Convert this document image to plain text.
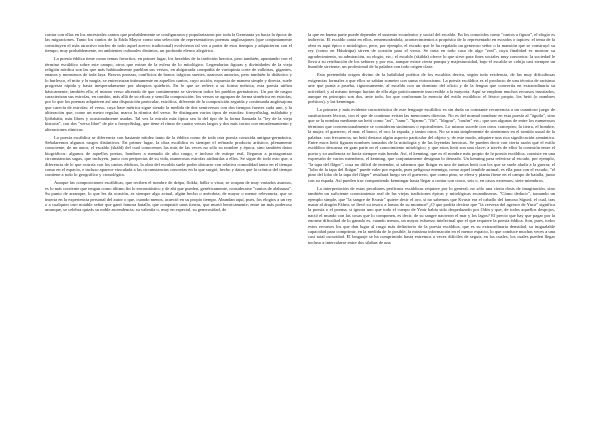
contar con ellas en los ancestrales cantos que probablemente se configuraron y popularizaron por toda la Germania ya hacia la época de las migraciones. Tanto los cantos de la Edda Mayor como una selección de representativos poemas anglosajones (que conjuntamente constituyen el más atractivo núcleo de todo aquel acervo tradicional) evolvieron tal vez a partir de esos tiempos y adquirieron con el tiempo, muy probablemente, en ambientes culturales distintos, un profundo elenco alegórico.

La poesía éddica tiene como temas favoritos, en primer lugar, los heraldos de la tradición heroica, pero también, apuntando con el término escáldico sobre este campo, otros que extrae de la esfera de lo mitológico. Legendarias figuras y divinidades de la vieja religión nórdica son las que más habitualmente pueblan sus versos, en abigarrada compañía de variopinta corte de valkirias, gigantes, enanos y monstruos de toda laya. Bravos proezas, conflictos de honor, trágicas suertes, azarosos amoríos, pero también lo didáctico y lo burlesco, el mito y la magia, se entrecruzan íntimamente en aquellos cantos, cuyo acción, expuesta de manera simple y directa, suele progresar rápida y hasta inesperadamente por abruptos quiebros. En lo que se refiere a su forma métrica, esta poesía utiliza básicamente, también ella, el mismo verso aliterado de que comúnmente se sirvieron todos los pueblos germánicos. Un par de rasgos caracterizan sus estrofas, en cambio, más allá de su eficaz y sencilla composición: los versos se agrupan de forma simétrica en estrofas, por lo que los poemas adquieren así una disposición particular, estrófica, diferente de la composición seguida y continuada anglosajona que carecía de estrofas; el verso, cuya base métrica sigue siendo la medida de dos semiversos con dos tiempos fuertes cada uno, y la aliteración que, como un metro regular, marca la rítmica del verso. Se distinguen varios tipos de estrofas: fornyrðislag, málaháttr y ljóðaháttr, más libres y ocasionalmente usadas. Tal vez la estrofa más típica sea la del tipo de la forma llamada la "ley de la vieja historia", con dos "verso libre" de pie o fornyrðislag, que tiene el ritmo de cuatro versos largos y dos más cortos con encadenamiento y alteraciones rítmicas.

La poesía escáldica se diferencia con bastante nitidez tanto de la éddica como de toda otra poesía conocida antigua-germánica. Señalaremos algunos rasgos distintivos. En primer lugar, la obra escáldica es siempre el refinado producto artístico, plenamente consciente, de un autor, el escaldo (skáld) del cual conocemos las más de las veces no sólo su nombre y época, sino también datos biográficos: algunos de aquellos poetas, hombres a menudo de alto rango, e incluso de estirpe real, llegaron a protagonizar circunstancias sagas, que incluyen, junto con peripecias de su vida, numerosas estrofas atribuidas a ellos. Se sigue de todo esto que, a diferencia de lo que ocurría con los cantos éddicos, la obra del escaldo suele poder ubicarse con relativa comodidad tanto en el tiempo como en el espacio, e incluso aparece vinculada a las circunstancias concretas en la que surgió, hecho y datos que la crónica del tiempo contiene a todo lo geográfico y cronológico.

Aunque las composiciones escáldicas, que reciben el nombre de drápa, flokkr, bálkr o vísur, se ocupan de muy variados asuntos, es lo más corriente que tengan como último fin lo encomiástico y de ahí que pueden, genéricamente, considerarse "cantos de alabanza". Su punto de arranque, lo que les da ocasión, es siempre algo actual, algún hecho o anécdota, de mayor o menor relevancia, que se inserta en la experiencia personal del autor o que, cuando menos, acaeció en su propio tiempo. Abundan aquí, pues, los elogios a un rey o a cualquier otro notable señor que ganó famosa batalla, que conquistó unas tierras, que murió heroicamente; entre un más poderoso arranque, se celebra quizás su noble ascendencia, su valentía o, muy en especial, su generosidad, de

la que en buena parte puede depender el sustento económico y social del escaldo. En los conocidos como "cantos a figura", el elogio es indirecto. El escaldo canta en ellos, rememorándola, acontecimientos a propósito de lo representado en escudos o tapices: el tema de la obra es aquí épico o mitológico, pero, por ejemplo, el escudo que le ha regalado un generoso señor o la mansión que se construyó su rey (como en Húsdrápa) sirven de ocasión para el verso. Se trata en todo caso de algo "real", cuya finalidad es mostrar su agradecimiento, su admiración, su elogio, etc.; el escaldo (skálda) ofrece lo que sirve para fines sociales muy concretos: la sociedad le lleva a su retribución de los señores y por eso, aunque existe cierta pompa y majestuosidad, bajo el escaldo se cobija casi siempre un humilde sirviente, un profesional de la palabra con todo origen clase.

Esta pretendida origen divino de la habilidad poética de los escaldos deriva, según toda evidencia, de las muy dificultosas exigencias formales a que ellos se sabían someter con suma virtuosismo. La poesía escáldica es el producto de una técnica de rarísimo arte que ponía a prueba, rigurosamente, al escaldo con un dominio del oficio y de la lengua que convertía en extraordinaria su actividad, y al mismo tiempo hacían de ella algo prácticamente inaccesible a la mayoría. Aquí se emplean muchos recursos inusitados, aunque en principio son dos, ante todo, los que conforman la esencia del estilo escáldico: el léxico propio, los heiti (o nombres poéticos), y las kenningar.

La primera y más evidente característica de este lenguaje escáldico es sin duda su constante recurrencia a un cuantioso juego de sustituciones léxicas, con el que de continuo evitan las menciones directas. No es del normal nombrar en esta poesía al "águila", sino que se la nombra mediante un heiti como "ari", "tamr", "hjarmr", "fló", "hlrgrar", "raufnr" etc.; que son algunas de entre los numerosos términos que convencionalmente se consideran sinónimos o equivalentes. Lo mismo sucede con otros conceptos: la tierra, el hombre, la mujer, el guerrero, el mar, el barco, el oro, la espada, y tantos otros. No se trata simplemente de sinónimos en el sentido usual de la palabra: con frecuencia, un heiti destaca algún aspecto particular del objeto y, de este modo, adquiere una rica significación semántica. Entre estos heiti figuran nombres tomados de la mitología y de las leyendas heroicas. Se pueden decir con cierta razón que el estilo escáldico descansa en gran parte en el conocimiento mitológico, y que estos heiti son una clave; a través de ellos la conexión entre el poeta y su audiencia se hacía siempre más honda. Así, el kenning, que es el nombre más propio de la poesía escáldica, consiste en una expresión de varios miembros, el kenning, que conjuntamente designan lo deseado. Un kenning para referirse al escudo, por ejemplo, "la tapa del fláger", cosa no difícil de entender, si sabemos que flrágar es uno de tantos heiti con los que se suele aludir a la guerra; el "lobo de la tapa del flrágar" puede valer por espada, pues peligrosa enemiga, como aquel temible animal, es ella para con el escudo; "el pino del lobo de la tapa del fláger" resultará luego ser el guerrero, que como pino, se eleva y planta firme en el campo de batalla, junto con su espada. Así pueden irse componiendo kenningar hasta llegar a contar con cinco, seis o, en casos extremos, siete miembros.

La interpretación de estas peculiares perífrasis escáldicas requiere por lo general, no sólo una cierta dosis de imaginación, sino también un suficiente conocimiento real de las viejas tradiciones épicas y mitológicas escandinavas. "Cómo deducir", tomando un ejemplo simple, que "la sangre de Kvasir" quiere decir el oro, si no sabemos que Kvasir era el caballo del famoso Sigurd, el cual, tras matar al dragón Fáfnir, se llevó su tesoro a lomos de su montura? ¿O que podría decirse que "la cerveza del agresor de Ymir" significa la poesía o el poema, si ignora uno que todo el cuerpo de Ymir había sido despedazado por Odín y que, de todos aquellos despojos, nació el mundo con las cosas que lo componen, es decir, de su sangre nacieron el mar y los lagos? El precio que hay que pagar por la enorme dificultad de lo ganado es, cuando menos, un mayor esfuerzo intelectual que el que requiere la poesía éddica. Son, pues, todos estos recursos los que dan lugar al rasgo más definitorio de la poesía escáldica, que es su extraordinaria densidad, su inigualable capacidad para comprimir, en la medida de lo posible, la máxima información en el menor espacio, lo que conduce muchas veces a una casi total oscuridad. El lenguaje se ha comprimido hasta extremos a veces difíciles de seguir, en los cuales, los cuales pueden llegar incluso a intercalarse entre dos sílabas de una
